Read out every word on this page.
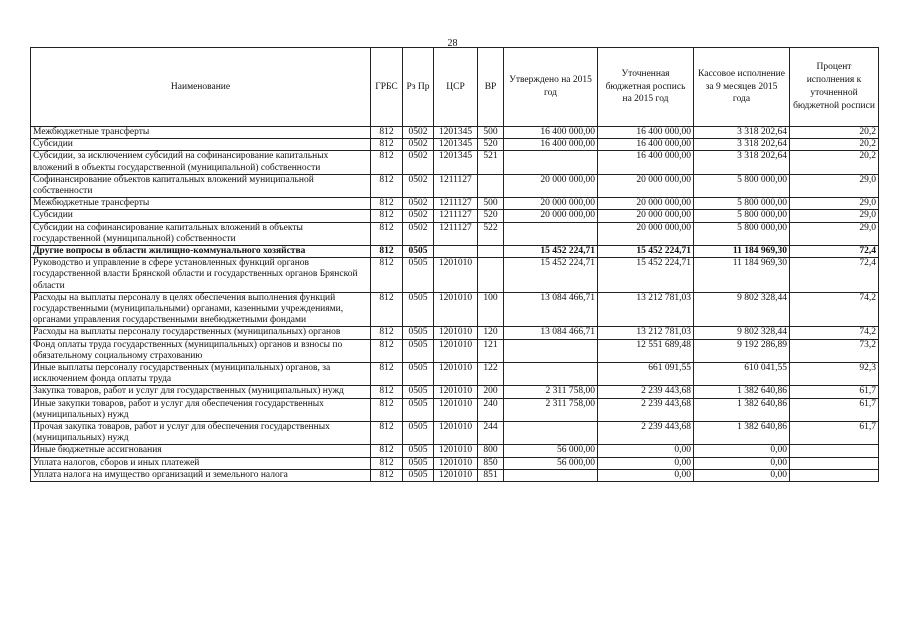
28
Наименование	ГРБС	Рз Пр	ЦСР	ВР	Утверждено на 2015 год	Уточненная бюджетная роспись на 2015 год	Кассовое исполнение за 9 месяцев 2015 года	Процент исполнения к уточненной бюджетной росписи
Межбюджетные трансферты	812	0502	1201345	500	16 400 000,00	16 400 000,00	3 318 202,64	20,2
Субсидии	812	0502	1201345	520	16 400 000,00	16 400 000,00	3 318 202,64	20,2
Субсидии, за исключением субсидий на софинансирование капитальных вложений в объекты государственной (муниципальной) собственности	812	0502	1201345	521		16 400 000,00	3 318 202,64	20,2
Софинансирование объектов капитальных вложений муниципальной собственности	812	0502	1211127		20 000 000,00	20 000 000,00	5 800 000,00	29,0
Межбюджетные трансферты	812	0502	1211127	500	20 000 000,00	20 000 000,00	5 800 000,00	29,0
Субсидии	812	0502	1211127	520	20 000 000,00	20 000 000,00	5 800 000,00	29,0
Субсидии на софинансирование капитальных вложений в объекты государственной (муниципальной) собственности	812	0502	1211127	522		20 000 000,00	5 800 000,00	29,0
Другие вопросы в области жилищно-коммунального хозяйства	812	0505			15 452 224,71	15 452 224,71	11 184 969,30	72,4
Руководство и управление в сфере установленных функций органов государственной власти Брянской области и государственных органов Брянской области	812	0505	1201010		15 452 224,71	15 452 224,71	11 184 969,30	72,4
Расходы на выплаты персоналу в целях обеспечения выполнения функций государственными (муниципальными) органами, казенными учреждениями, органами управления государственными внебюджетными фондами	812	0505	1201010	100	13 084 466,71	13 212 781,03	9 802 328,44	74,2
Расходы на выплаты персоналу государственных (муниципальных) органов	812	0505	1201010	120	13 084 466,71	13 212 781,03	9 802 328,44	74,2
Фонд оплаты труда государственных (муниципальных) органов и взносы по обязательному социальному страхованию	812	0505	1201010	121		12 551 689,48	9 192 286,89	73,2
Иные выплаты персоналу государственных (муниципальных) органов, за исключением фонда оплаты труда	812	0505	1201010	122		661 091,55	610 041,55	92,3
Закупка товаров, работ и услуг для государственных (муниципальных) нужд	812	0505	1201010	200	2 311 758,00	2 239 443,68	1 382 640,86	61,7
Иные закупки товаров, работ и услуг для обеспечения государственных (муниципальных) нужд	812	0505	1201010	240	2 311 758,00	2 239 443,68	1 382 640,86	61,7
Прочая закупка товаров, работ и услуг для обеспечения государственных (муниципальных) нужд	812	0505	1201010	244		2 239 443,68	1 382 640,86	61,7
Иные бюджетные ассигнования	812	0505	1201010	800	56 000,00	0,00	0,00	
Уплата налогов, сборов и иных платежей	812	0505	1201010	850	56 000,00	0,00	0,00	
Уплата налога на имущество организаций и земельного налога	812	0505	1201010	851		0,00	0,00	
